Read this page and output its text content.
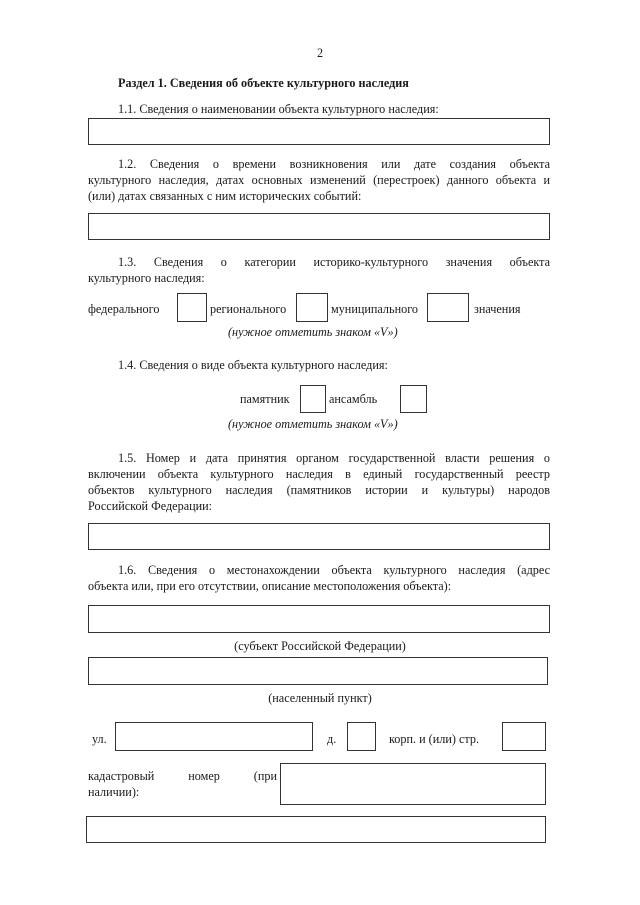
2
Раздел 1. Сведения об объекте культурного наследия
1.1. Сведения о наименовании объекта культурного наследия:
1.2. Сведения о времени возникновения или дате создания объекта
культурного наследия, датах основных изменений (перестроек) данного объекта и
(или) датах связанных с ним исторических событий:
1.3. Сведения о категории историко-культурного значения объекта
культурного наследия:
федерального	регионального	муниципального	значения
(нужное отметить знаком «V»)
1.4. Сведения о виде объекта культурного наследия:
памятник	ансамбль
(нужное отметить знаком «V»)
1.5. Номер и дата принятия органом государственной власти решения о
включении объекта культурного наследия в единый государственный реестр
объектов культурного наследия (памятников истории и культуры) народов
Российской Федерации:
1.6. Сведения о местонахождении объекта культурного наследия (адрес
объекта или, при его отсутствии, описание местоположения объекта):
(субъект Российской Федерации)
(населенный пункт)
ул.	д.	корп. и (или) стр.
кадастровый номер (при
наличии):
